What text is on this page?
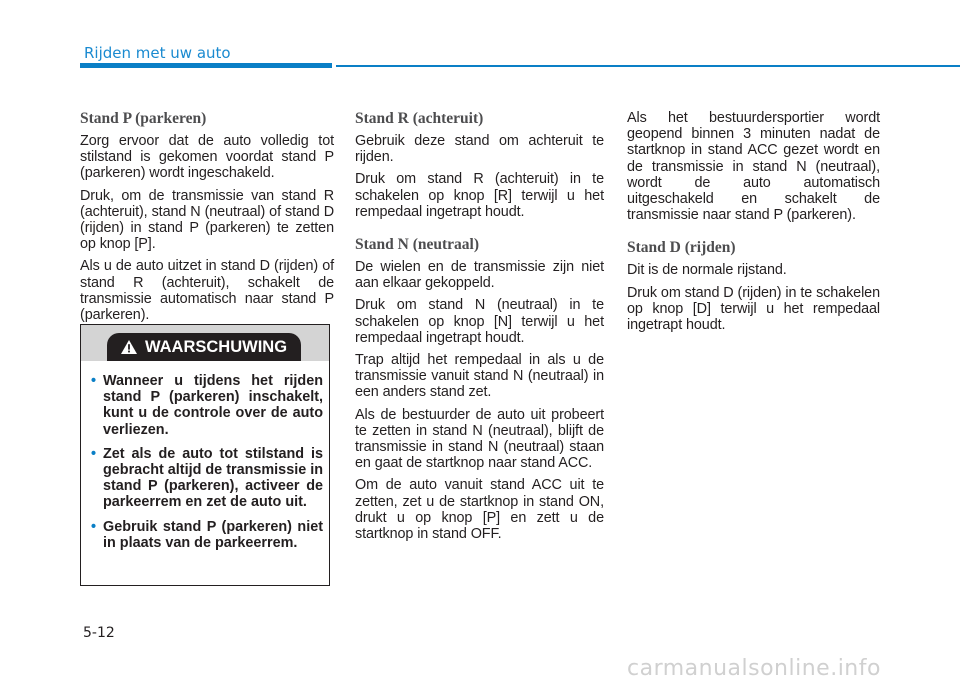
Rijden met uw auto
Stand P (parkeren)
Zorg ervoor dat de auto volledig tot stilstand is gekomen voordat stand P (parkeren) wordt ingeschakeld.
Druk, om de transmissie van stand R (achteruit), stand N (neutraal) of stand D (rijden) in stand P (parkeren) te zetten op knop [P].
Als u de auto uitzet in stand D (rijden) of stand R (achteruit), schakelt de transmissie automatisch naar stand P (parkeren).
WAARSCHUWING
• Wanneer u tijdens het rijden stand P (parkeren) inschakelt, kunt u de controle over de auto verliezen.
• Zet als de auto tot stilstand is gebracht altijd de transmissie in stand P (parkeren), activeer de parkeerrem en zet de auto uit.
• Gebruik stand P (parkeren) niet in plaats van de parkeerrem.
Stand R (achteruit)
Gebruik deze stand om achteruit te rijden.
Druk om stand R (achteruit) in te schakelen op knop [R] terwijl u het rempedaal ingetrapt houdt.
Stand N (neutraal)
De wielen en de transmissie zijn niet aan elkaar gekoppeld.
Druk om stand N (neutraal) in te schakelen op knop [N] terwijl u het rempedaal ingetrapt houdt.
Trap altijd het rempedaal in als u de transmissie vanuit stand N (neutraal) in een anders stand zet.
Als de bestuurder de auto uit probeert te zetten in stand N (neutraal), blijft de transmissie in stand N (neutraal) staan en gaat de startknop naar stand ACC.
Om de auto vanuit stand ACC uit te zetten, zet u de startknop in stand ON, drukt u op knop [P] en zett u de startknop in stand OFF.
Als het bestuurdersportier wordt geopend binnen 3 minuten nadat de startknop in stand ACC gezet wordt en de transmissie in stand N (neutraal), wordt de auto automatisch uitgeschakeld en schakelt de transmissie naar stand P (parkeren).
Stand D (rijden)
Dit is de normale rijstand.
Druk om stand D (rijden) in te schakelen op knop [D] terwijl u het rempedaal ingetrapt houdt.
5-12
carmanualsonline.info
